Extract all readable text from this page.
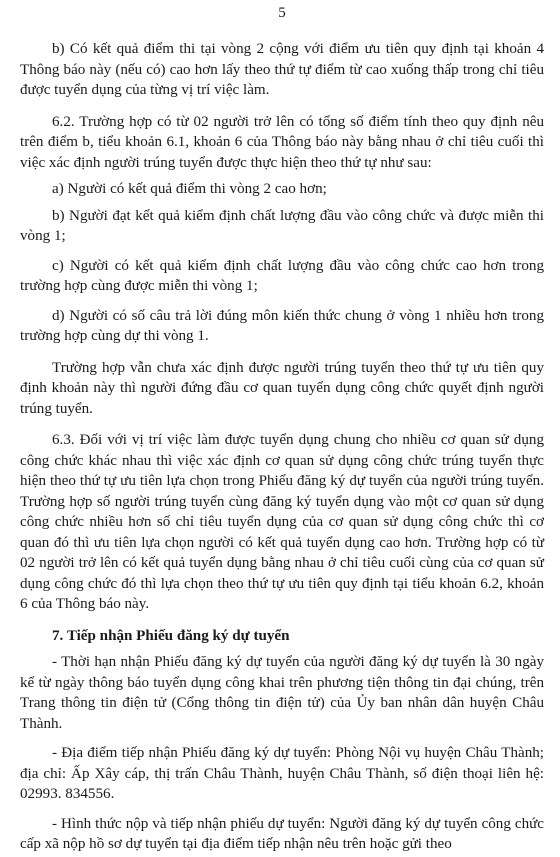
5

b) Có kết quả điểm thi tại vòng 2 cộng với điểm ưu tiên quy định tại khoản 4 Thông báo này (nếu có) cao hơn lấy theo thứ tự điểm từ cao xuống thấp trong chỉ tiêu được tuyển dụng của từng vị trí việc làm.

6.2. Trường hợp có từ 02 người trở lên có tổng số điểm tính theo quy định nêu trên điểm b, tiểu khoản 6.1, khoản 6 của Thông báo này bằng nhau ở chỉ tiêu cuối thì việc xác định người trúng tuyển được thực hiện theo thứ tự như sau:

a) Người có kết quả điểm thi vòng 2 cao hơn;

b) Người đạt kết quả kiểm định chất lượng đầu vào công chức và được miễn thi vòng 1;

c) Người có kết quả kiểm định chất lượng đầu vào công chức cao hơn trong trường hợp cùng được miễn thi vòng 1;

d) Người có số câu trả lời đúng môn kiến thức chung ở vòng 1 nhiều hơn trong trường hợp cùng dự thi vòng 1.

Trường hợp vẫn chưa xác định được người trúng tuyển theo thứ tự ưu tiên quy định khoản này thì người đứng đầu cơ quan tuyển dụng công chức quyết định người trúng tuyển.

6.3. Đối với vị trí việc làm được tuyển dụng chung cho nhiều cơ quan sử dụng công chức khác nhau thì việc xác định cơ quan sử dụng công chức trúng tuyển thực hiện theo thứ tự ưu tiên lựa chọn trong Phiếu đăng ký dự tuyển của người trúng tuyển. Trường hợp số người trúng tuyển cùng đăng ký tuyển dụng vào một cơ quan sử dụng công chức nhiều hơn số chỉ tiêu tuyển dụng của cơ quan sử dụng công chức thì cơ quan đó thì ưu tiên lựa chọn người có kết quả tuyển dụng cao hơn. Trường hợp có từ 02 người trở lên có kết quả tuyển dụng bằng nhau ở chỉ tiêu cuối cùng của cơ quan sử dụng công chức đó thì lựa chọn theo thứ tự ưu tiên quy định tại tiểu khoản 6.2, khoản 6 của Thông báo này.

7. Tiếp nhận Phiếu đăng ký dự tuyển

- Thời hạn nhận Phiếu đăng ký dự tuyển của người đăng ký dự tuyển là 30 ngày kể từ ngày thông báo tuyển dụng công khai trên phương tiện thông tin đại chúng, trên Trang thông tin điện tử (Cổng thông tin điện tử) của Ủy ban nhân dân huyện Châu Thành.

- Địa điểm tiếp nhận Phiếu đăng ký dự tuyển: Phòng Nội vụ huyện Châu Thành; địa chỉ: Ấp Xây cáp, thị trấn Châu Thành, huyện Châu Thành, số điện thoại liên hệ: 02993. 834556.

- Hình thức nộp và tiếp nhận phiếu dự tuyển: Người đăng ký dự tuyển công chức cấp xã nộp hồ sơ dự tuyển tại địa điểm tiếp nhận nêu trên hoặc gửi theo
